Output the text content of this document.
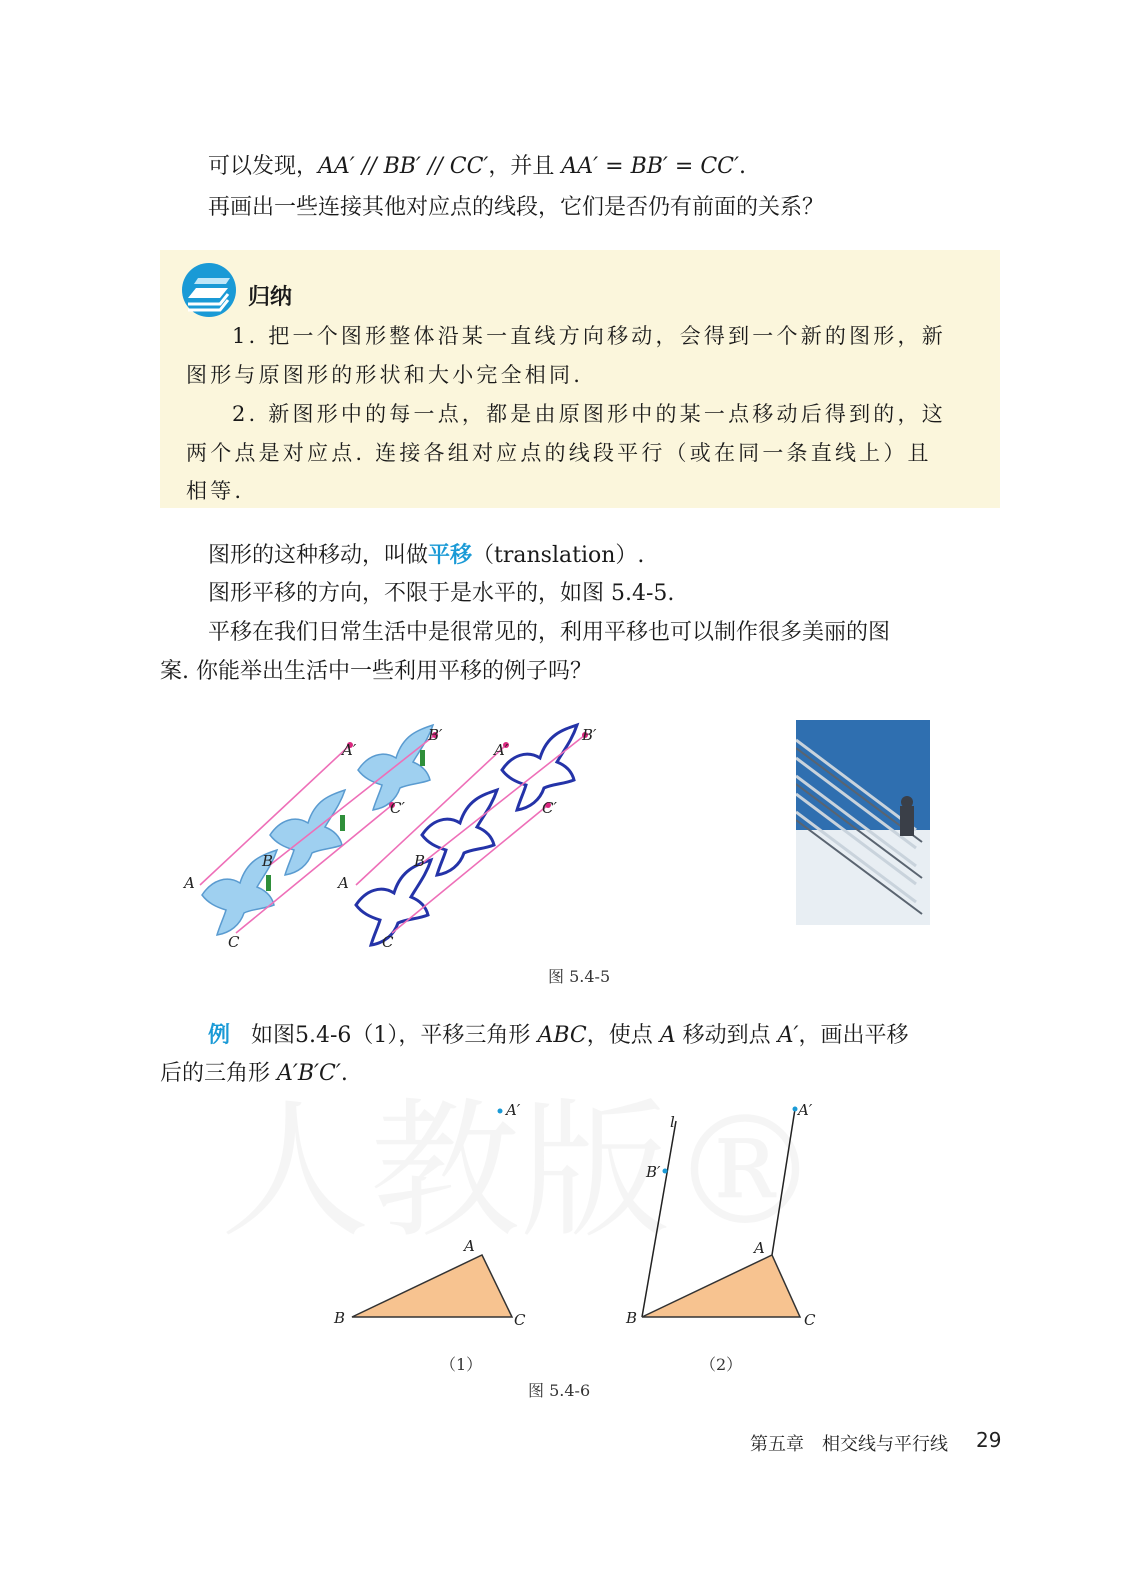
可以发现，AA′ // BB′ // CC′，并且 AA′ = BB′ = CC′.
再画出一些连接其他对应点的线段，它们是否仍有前面的关系？
归纳
1. 把一个图形整体沿某一直线方向移动，会得到一个新的图形，新
图形与原图形的形状和大小完全相同.
2. 新图形中的每一点，都是由原图形中的某一点移动后得到的，这
两个点是对应点. 连接各组对应点的线段平行（或在同一条直线上）且
相等.
图形的这种移动，叫做平移（translation）.
图形平移的方向，不限于是水平的，如图 5.4-5.
平移在我们日常生活中是很常见的，利用平移也可以制作很多美丽的图
案. 你能举出生活中一些利用平移的例子吗？
A
B
C
A′
B′
C′
A
B
C
A′
B′
C′
图 5.4-5
例 如图5.4-6（1），平移三角形 ABC，使点 A 移动到点 A′，画出平移
后的三角形 A′B′C′.
A′
A
B	C
l
A′
B′
A
B	C
（1）	（2）
图 5.4-6
第五章　相交线与平行线 29
